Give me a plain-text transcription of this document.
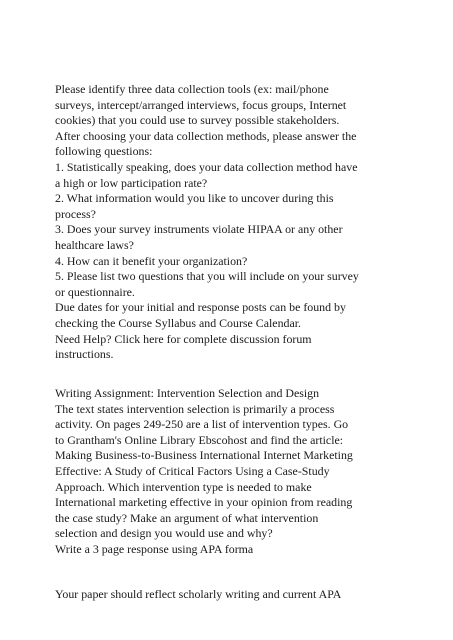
Please identify three data collection tools (ex: mail/phone
surveys, intercept/arranged interviews, focus groups, Internet
cookies) that you could use to survey possible stakeholders.
After choosing your data collection methods, please answer the
following questions:
1. Statistically speaking, does your data collection method have
a high or low participation rate?
2. What information would you like to uncover during this
process?
3. Does your survey instruments violate HIPAA or any other
healthcare laws?
4. How can it benefit your organization?
5. Please list two questions that you will include on your survey
or questionnaire.
Due dates for your initial and response posts can be found by
checking the Course Syllabus and Course Calendar.
Need Help? Click here for complete discussion forum
instructions.
Writing Assignment: Intervention Selection and Design
The text states intervention selection is primarily a process
activity. On pages 249-250 are a list of intervention types. Go
to Grantham's Online Library Ebscohost and find the article:
Making Business-to-Business International Internet Marketing
Effective: A Study of Critical Factors Using a Case-Study
Approach. Which intervention type is needed to make
International marketing effective in your opinion from reading
the case study? Make an argument of what intervention
selection and design you would use and why?
Write a 3 page response using APA forma
Your paper should reflect scholarly writing and current APA
